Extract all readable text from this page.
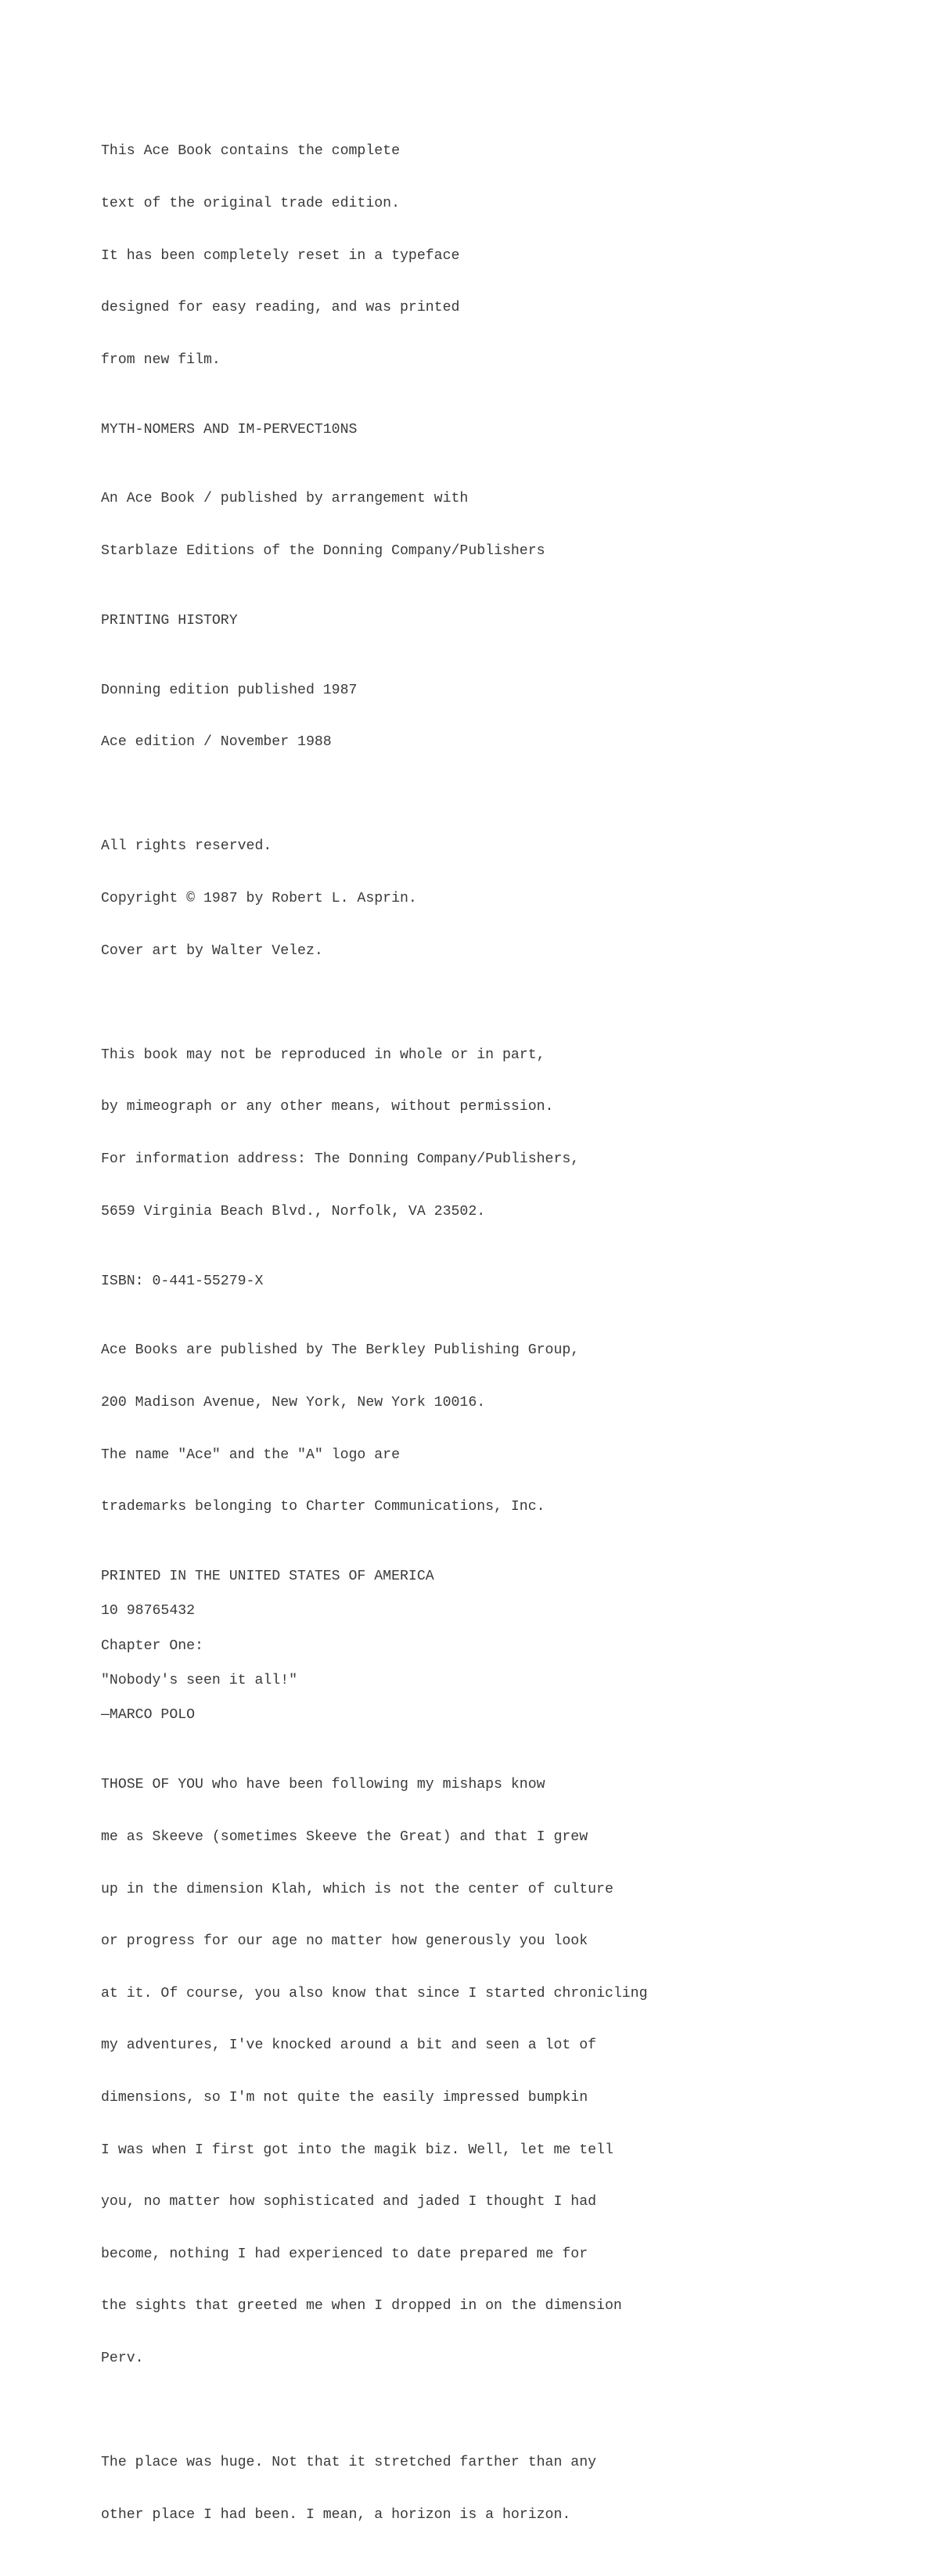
This Ace Book contains the complete

text of the original trade edition.

It has been completely reset in a typeface

designed for easy reading, and was printed

from new film.

MYTH-NOMERS AND IM-PERVECT10NS

An Ace Book / published by arrangement with

Starblaze Editions of the Donning Company/Publishers

PRINTING HISTORY

Donning edition published 1987

Ace edition / November 1988

All rights reserved.

Copyright © 1987 by Robert L. Asprin.

Cover art by Walter Velez.

This book may not be reproduced in whole or in part,

by mimeograph or any other means, without permission.

For information address: The Donning Company/Publishers,

5659 Virginia Beach Blvd., Norfolk, VA 23502.

ISBN: 0-441-55279-X

Ace Books are published by The Berkley Publishing Group,

200 Madison Avenue, New York, New York 10016.

The name "Ace" and the "A" logo are

trademarks belonging to Charter Communications, Inc.

PRINTED IN THE UNITED STATES OF AMERICA
10 98765432
Chapter One:
"Nobody's seen it all!"
—MARCO POLO

THOSE OF YOU who have been following my mishaps know

me as Skeeve (sometimes Skeeve the Great) and that I grew

up in the dimension Klah, which is not the center of culture

or progress for our age no matter how generously you look

at it. Of course, you also know that since I started chronicling

my adventures, I've knocked around a bit and seen a lot of

dimensions, so I'm not quite the easily impressed bumpkin

I was when I first got into the magik biz. Well, let me tell

you, no matter how sophisticated and jaded I thought I had

become, nothing I had experienced to date prepared me for

the sights that greeted me when I dropped in on the dimension

Perv.

The place was huge. Not that it stretched farther than any

other place I had been. I mean, a horizon is a horizon.
